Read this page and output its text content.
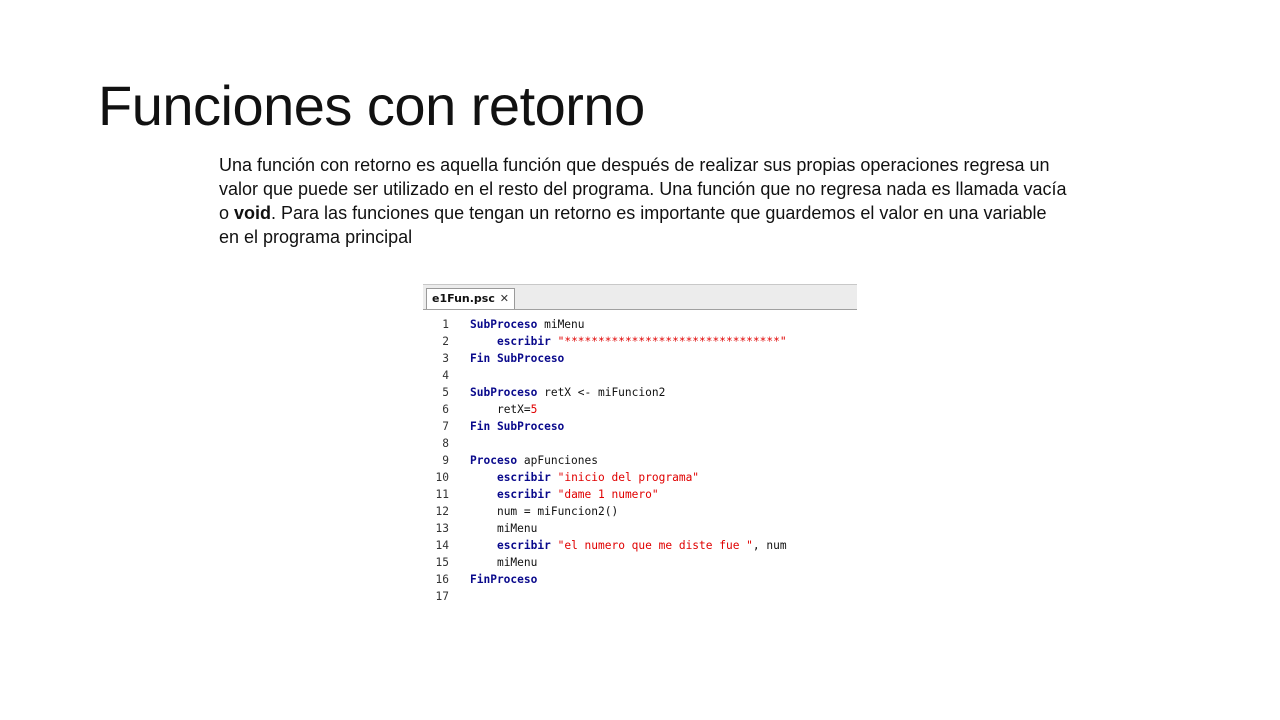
Funciones con retorno
Una función con retorno es aquella función que después de realizar sus propias operaciones regresa un valor que puede ser utilizado en el resto del programa. Una función que no regresa nada es llamada vacía o void. Para las funciones que tengan un retorno es importante que guardemos el valor en una variable en el programa principal
e1Fun.psc ✕
1 SubProceso miMenu
2	escribir "********************************"
3 Fin SubProceso
4
5 SubProceso retX <- miFuncion2
6	retX=5
7 Fin SubProceso
8
9 Proceso apFunciones
10	escribir "inicio del programa"
11	escribir "dame 1 numero"
12	num = miFuncion2()
13	miMenu
14	escribir "el numero que me diste fue ", num
15	miMenu
16 FinProceso
17
